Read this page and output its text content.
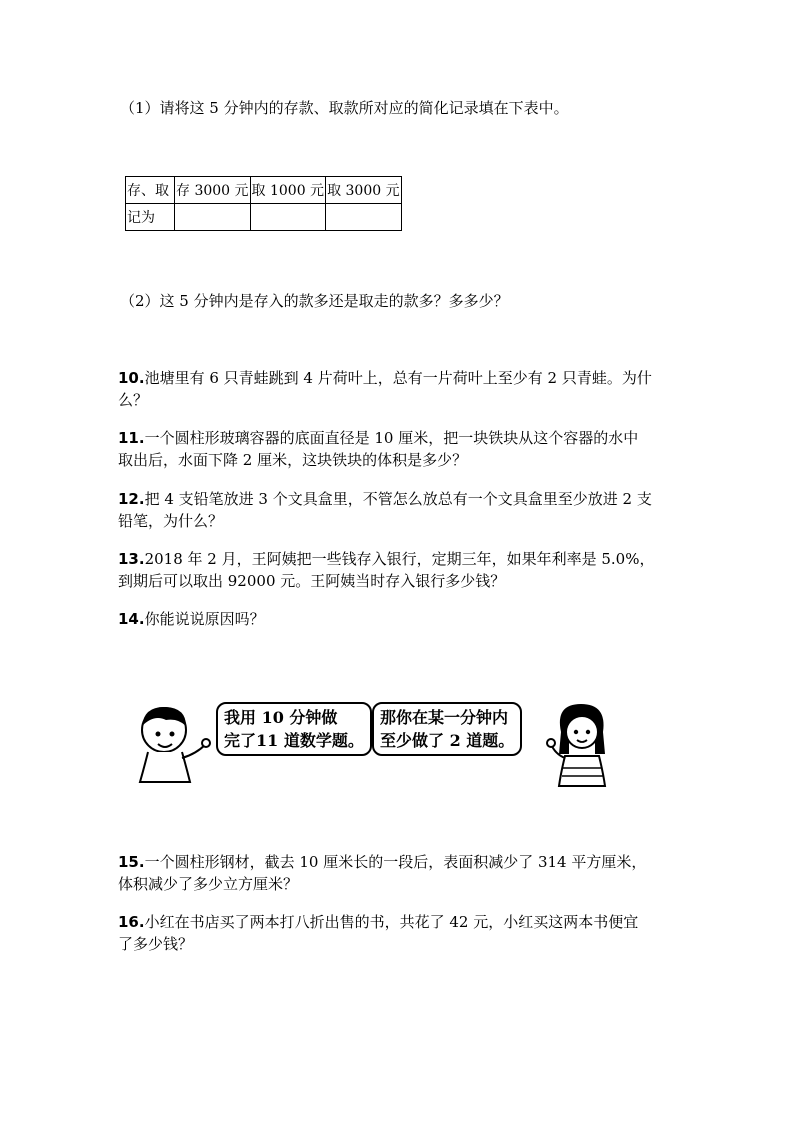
（1）请将这 5 分钟内的存款、取款所对应的简化记录填在下表中。
存、取	存 3000 元	取 1000 元	取 3000 元
记为			
（2）这 5 分钟内是存入的款多还是取走的款多？多多少？
10.池塘里有 6 只青蛙跳到 4 片荷叶上，总有一片荷叶上至少有 2 只青蛙。为什
么？
11.一个圆柱形玻璃容器的底面直径是 10 厘米，把一块铁块从这个容器的水中
取出后，水面下降 2 厘米，这块铁块的体积是多少？
12.把 4 支铅笔放进 3 个文具盒里，不管怎么放总有一个文具盒里至少放进 2 支
铅笔，为什么？
13.2018 年 2 月，王阿姨把一些钱存入银行，定期三年，如果年利率是 5.0%，
到期后可以取出 92000 元。王阿姨当时存入银行多少钱？
14.你能说说原因吗？
我用 10 分钟做
完了11 道数学题。
那你在某一分钟内
至少做了 2 道题。
15.一个圆柱形钢材，截去 10 厘米长的一段后，表面积减少了 314 平方厘米，
体积减少了多少立方厘米？
16.小红在书店买了两本打八折出售的书，共花了 42 元，小红买这两本书便宜
了多少钱？
